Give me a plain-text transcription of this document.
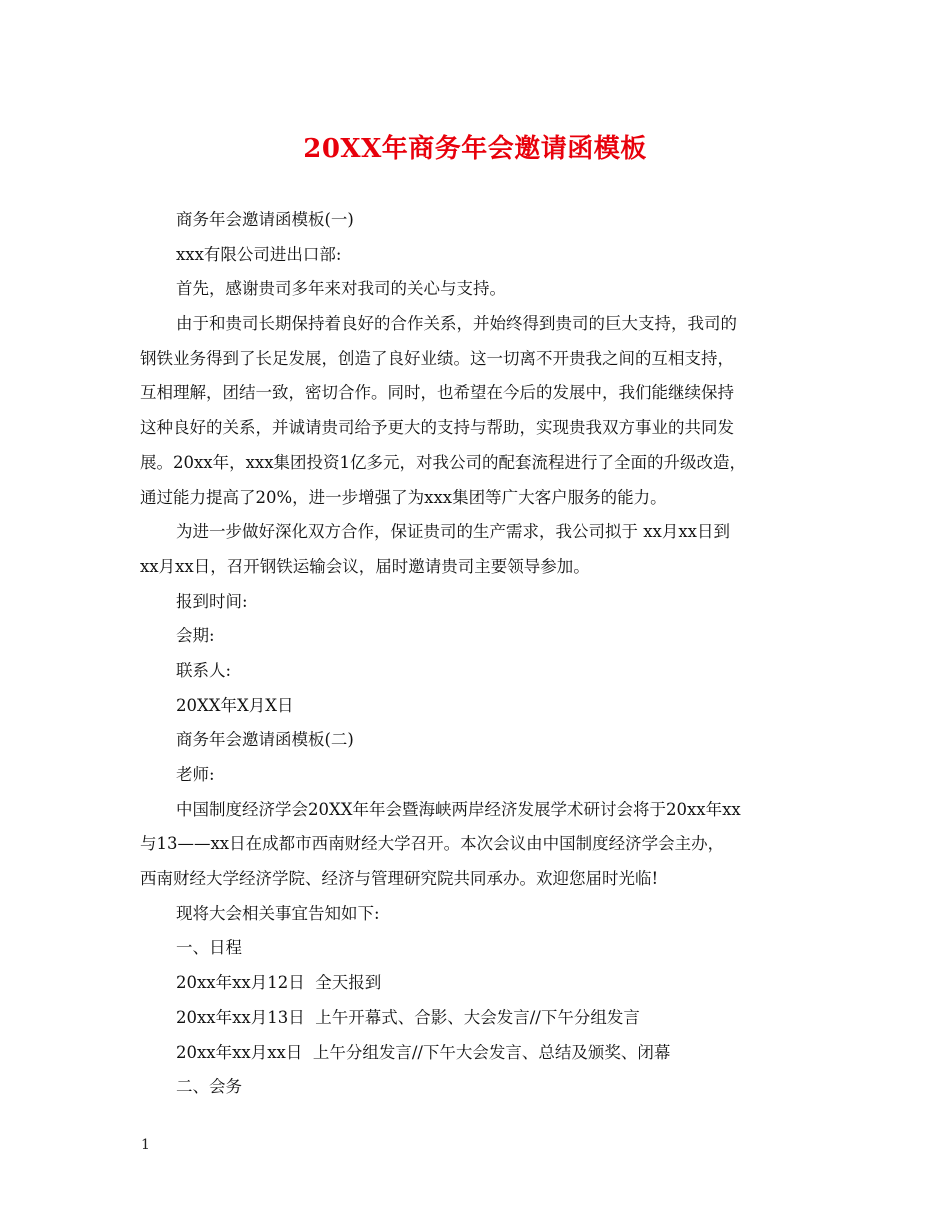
20XX年商务年会邀请函模板
商务年会邀请函模板(一)
xxx有限公司进出口部:
首先，感谢贵司多年来对我司的关心与支持。
由于和贵司长期保持着良好的合作关系，并始终得到贵司的巨大支持，我司的
钢铁业务得到了长足发展，创造了良好业绩。这一切离不开贵我之间的互相支持，
互相理解，团结一致，密切合作。同时，也希望在今后的发展中，我们能继续保持
这种良好的关系，并诚请贵司给予更大的支持与帮助，实现贵我双方事业的共同发
展。20xx年，xxx集团投资1亿多元，对我公司的配套流程进行了全面的升级改造，
通过能力提高了20%，进一步增强了为xxx集团等广大客户服务的能力。
为进一步做好深化双方合作，保证贵司的生产需求，我公司拟于 xx月xx日到
xx月xx日，召开钢铁运输会议，届时邀请贵司主要领导参加。
报到时间:
会期:
联系人:
20XX年X月X日
商务年会邀请函模板(二)
老师:
中国制度经济学会20XX年年会暨海峡两岸经济发展学术研讨会将于20xx年xx
与13——xx日在成都市西南财经大学召开。本次会议由中国制度经济学会主办，
西南财经大学经济学院、经济与管理研究院共同承办。欢迎您届时光临!
现将大会相关事宜告知如下:
一、日程
20xx年xx月12日  全天报到
20xx年xx月13日  上午开幕式、合影、大会发言//下午分组发言
20xx年xx月xx日  上午分组发言//下午大会发言、总结及颁奖、闭幕
二、会务
1
